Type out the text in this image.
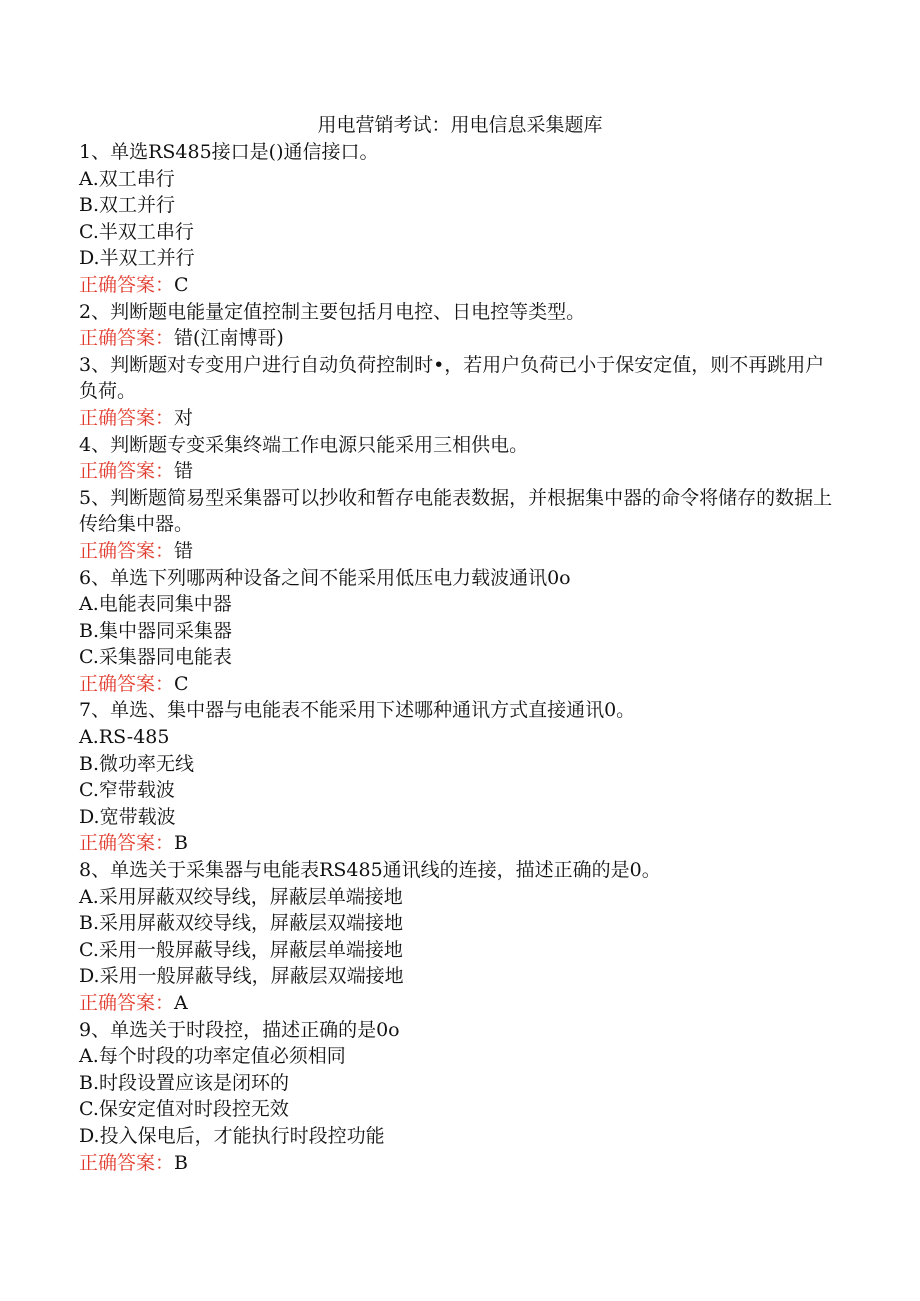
用电营销考试：用电信息采集题库
1、单选RS485接口是()通信接口。
A.双工串行
B.双工并行
C.半双工串行
D.半双工并行
正确答案：C
2、判断题电能量定值控制主要包括月电控、日电控等类型。
正确答案：错(江南博哥)
3、判断题对专变用户进行自动负荷控制时•，若用户负荷已小于保安定值，则不再跳用户负荷。
正确答案：对
4、判断题专变采集终端工作电源只能采用三相供电。
正确答案：错
5、判断题简易型采集器可以抄收和暂存电能表数据，并根据集中器的命令将储存的数据上传给集中器。
正确答案：错
6、单选下列哪两种设备之间不能采用低压电力载波通讯0o
A.电能表同集中器
B.集中器同采集器
C.采集器同电能表
正确答案：C
7、单选、集中器与电能表不能采用下述哪种通讯方式直接通讯0。
A.RS-485
B.微功率无线
C.窄带载波
D.宽带载波
正确答案：B
8、单选关于采集器与电能表RS485通讯线的连接，描述正确的是0。
A.采用屏蔽双绞导线，屏蔽层单端接地
B.采用屏蔽双绞导线，屏蔽层双端接地
C.采用一般屏蔽导线，屏蔽层单端接地
D.采用一般屏蔽导线，屏蔽层双端接地
正确答案：A
9、单选关于时段控，描述正确的是0o
A.每个时段的功率定值必须相同
B.时段设置应该是闭环的
C.保安定值对时段控无效
D.投入保电后，才能执行时段控功能
正确答案：B
